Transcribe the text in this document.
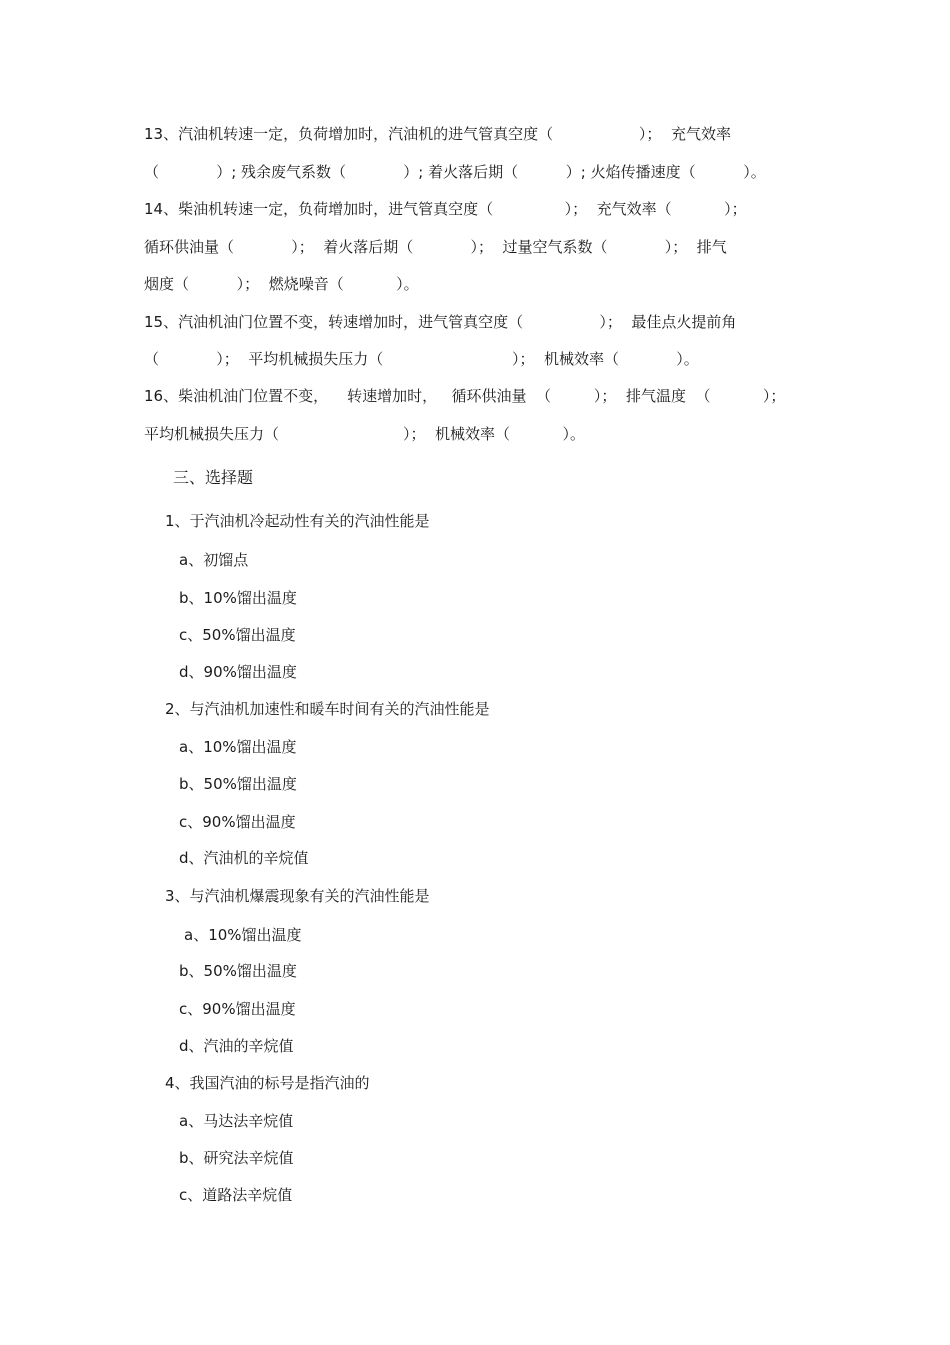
13、汽油机转速一定，负荷增加时，汽油机的进气管真空度（                  ）；  充气效率

（            ）; 残余废气系数（            ）; 着火落后期（          ）; 火焰传播速度（          ）。

14、柴油机转速一定，负荷增加时，进气管真空度（               ）；  充气效率（           ）；

循环供油量（            ）；  着火落后期（            ）；  过量空气系数（            ）；  排气

烟度（          ）；  燃烧噪音（           ）。

15、汽油机油门位置不变，转速增加时，进气管真空度（                ）；  最佳点火提前角

（            ）；  平均机械损失压力（                           ）；  机械效率（            ）。

16、柴油机油门位置不变，    转速增加时，   循环供油量  （         ）；  排气温度  （           ）；

平均机械损失压力（                          ）；  机械效率（           ）。

三、选择题

1、于汽油机冷起动性有关的汽油性能是

a、初馏点

b、10%馏出温度

c、50%馏出温度

d、90%馏出温度

2、与汽油机加速性和暖车时间有关的汽油性能是

a、10%馏出温度

b、50%馏出温度

c、90%馏出温度

d、汽油机的辛烷值

3、与汽油机爆震现象有关的汽油性能是

a、10%馏出温度

b、50%馏出温度

c、90%馏出温度

d、汽油的辛烷值

4、我国汽油的标号是指汽油的

a、马达法辛烷值

b、研究法辛烷值

c、道路法辛烷值
